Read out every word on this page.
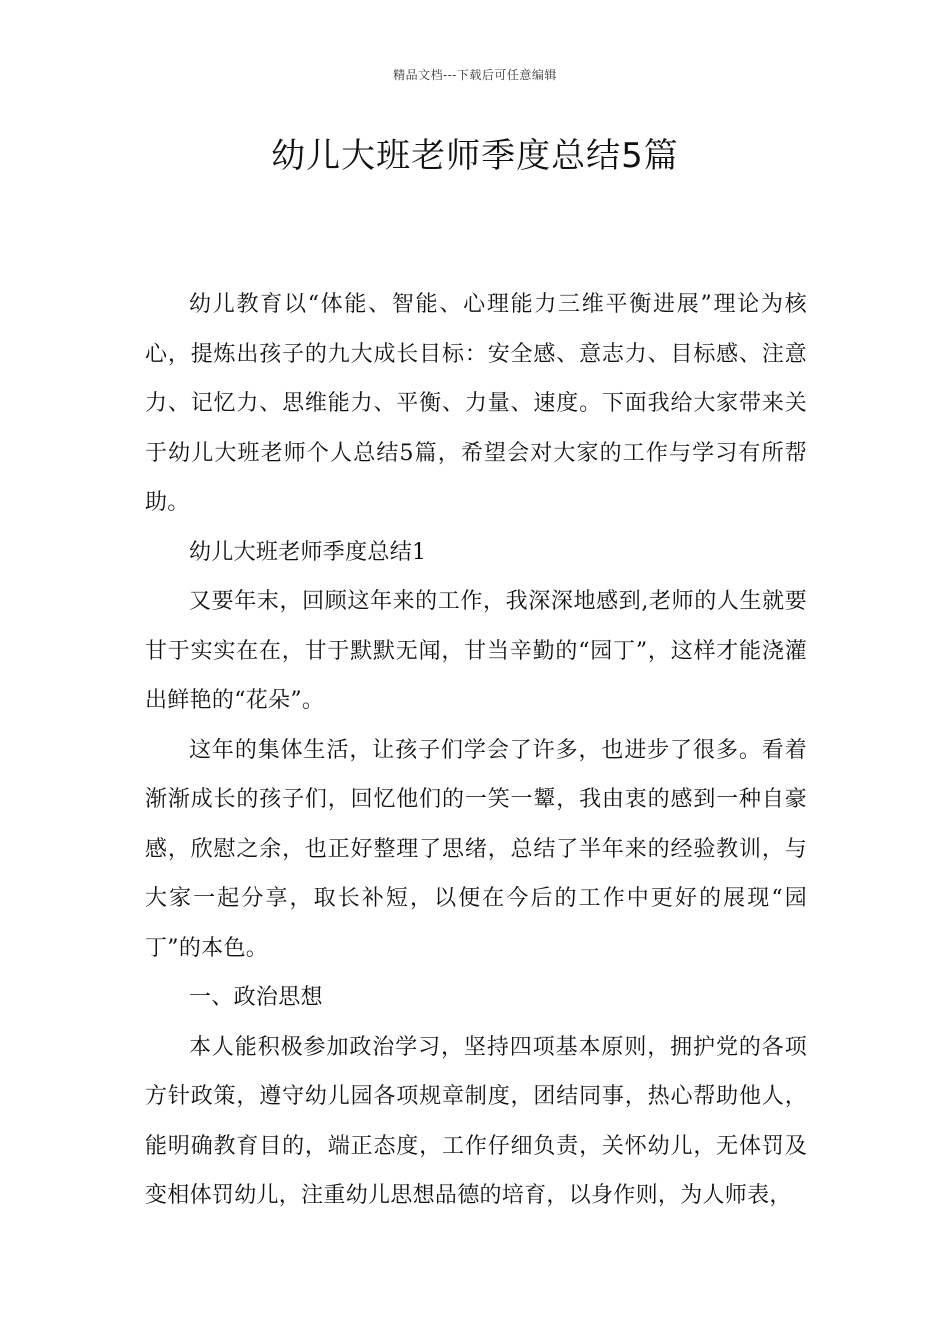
精品文档---下载后可任意编辑
幼儿大班老师季度总结5篇

幼儿教育以“体能、智能、心理能力三维平衡进展”理论为核心，提炼出孩子的九大成长目标：安全感、意志力、目标感、注意力、记忆力、思维能力、平衡、力量、速度。下面我给大家带来关于幼儿大班老师个人总结5篇，希望会对大家的工作与学习有所帮助。

幼儿大班老师季度总结1

又要年末，回顾这年来的工作，我深深地感到,老师的人生就要甘于实实在在，甘于默默无闻，甘当辛勤的“园丁”，这样才能浇灌出鲜艳的“花朵”。

这年的集体生活，让孩子们学会了许多，也进步了很多。看着渐渐成长的孩子们，回忆他们的一笑一颦，我由衷的感到一种自豪感，欣慰之余，也正好整理了思绪，总结了半年来的经验教训，与大家一起分享，取长补短，以便在今后的工作中更好的展现“园丁”的本色。

一、政治思想

本人能积极参加政治学习，坚持四项基本原则，拥护党的各项方针政策，遵守幼儿园各项规章制度，团结同事，热心帮助他人，能明确教育目的，端正态度，工作仔细负责，关怀幼儿，无体罚及变相体罚幼儿，注重幼儿思想品德的培育，以身作则，为人师表，
